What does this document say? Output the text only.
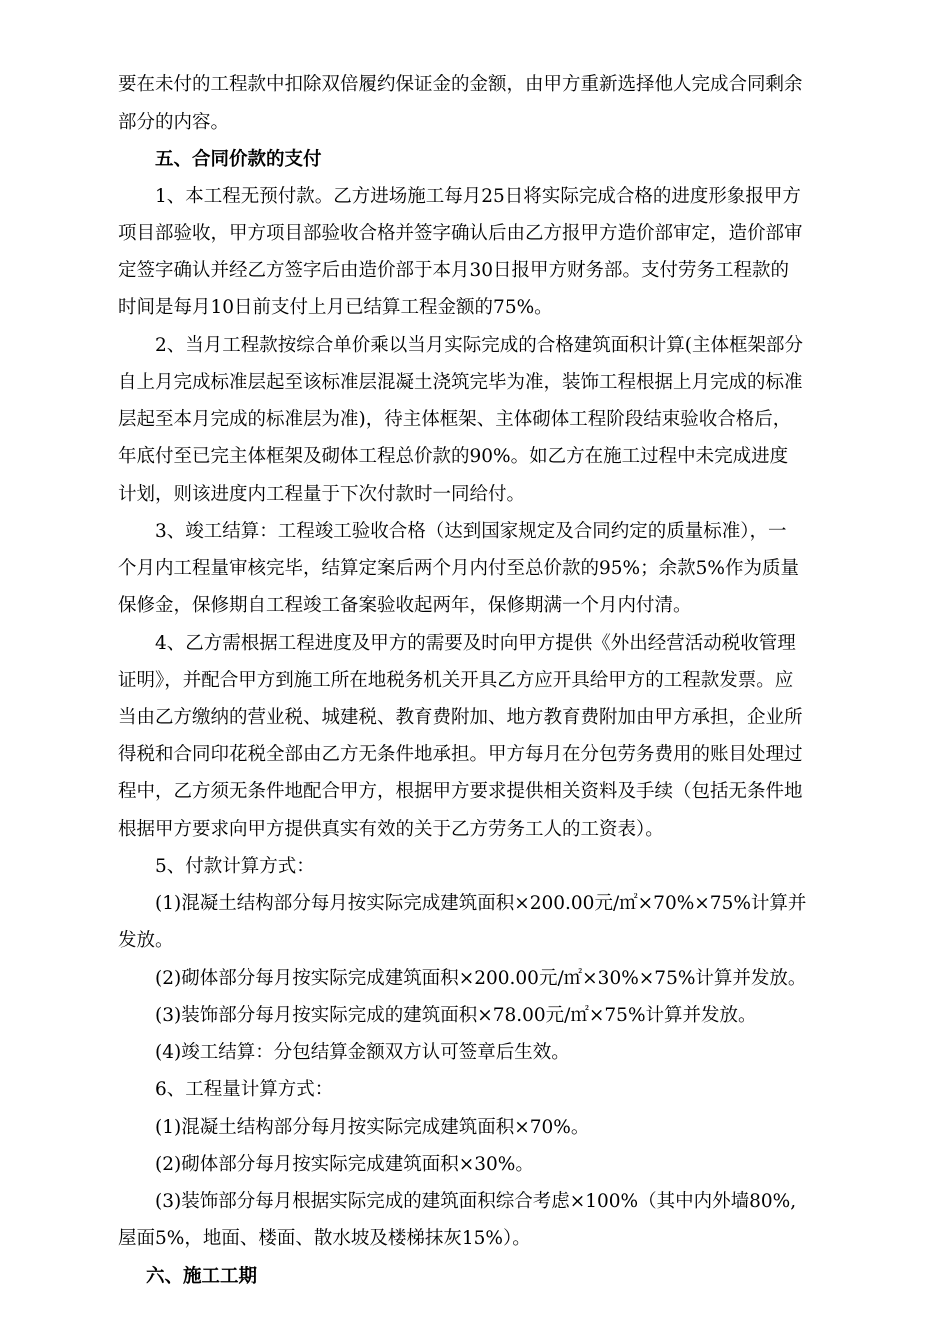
要在未付的工程款中扣除双倍履约保证金的金额，由甲方重新选择他人完成合同剩余
部分的内容。
五、合同价款的支付
1、本工程无预付款。乙方进场施工每月25日将实际完成合格的进度形象报甲方
项目部验收，甲方项目部验收合格并签字确认后由乙方报甲方造价部审定，造价部审
定签字确认并经乙方签字后由造价部于本月30日报甲方财务部。支付劳务工程款的
时间是每月10日前支付上月已结算工程金额的75%。
2、当月工程款按综合单价乘以当月实际完成的合格建筑面积计算(主体框架部分
自上月完成标准层起至该标准层混凝土浇筑完毕为准，装饰工程根据上月完成的标准
层起至本月完成的标准层为准)，待主体框架、主体砌体工程阶段结束验收合格后，
年底付至已完主体框架及砌体工程总价款的90%。如乙方在施工过程中未完成进度
计划，则该进度内工程量于下次付款时一同给付。
3、竣工结算：工程竣工验收合格（达到国家规定及合同约定的质量标准），一
个月内工程量审核完毕，结算定案后两个月内付至总价款的95%；余款5%作为质量
保修金，保修期自工程竣工备案验收起两年，保修期满一个月内付清。
4、乙方需根据工程进度及甲方的需要及时向甲方提供《外出经营活动税收管理
证明》，并配合甲方到施工所在地税务机关开具乙方应开具给甲方的工程款发票。应
当由乙方缴纳的营业税、城建税、教育费附加、地方教育费附加由甲方承担，企业所
得税和合同印花税全部由乙方无条件地承担。甲方每月在分包劳务费用的账目处理过
程中，乙方须无条件地配合甲方，根据甲方要求提供相关资料及手续（包括无条件地
根据甲方要求向甲方提供真实有效的关于乙方劳务工人的工资表）。
5、付款计算方式：
(1)混凝土结构部分每月按实际完成建筑面积×200.00元/㎡×70%×75%计算并
发放。
(2)砌体部分每月按实际完成建筑面积×200.00元/㎡×30%×75%计算并发放。
(3)装饰部分每月按实际完成的建筑面积×78.00元/㎡×75%计算并发放。
(4)竣工结算：分包结算金额双方认可签章后生效。
6、工程量计算方式：
(1)混凝土结构部分每月按实际完成建筑面积×70%。
(2)砌体部分每月按实际完成建筑面积×30%。
(3)装饰部分每月根据实际完成的建筑面积综合考虑×100%（其中内外墙80%,
屋面5%，地面、楼面、散水坡及楼梯抹灰15%）。
六、施工工期
